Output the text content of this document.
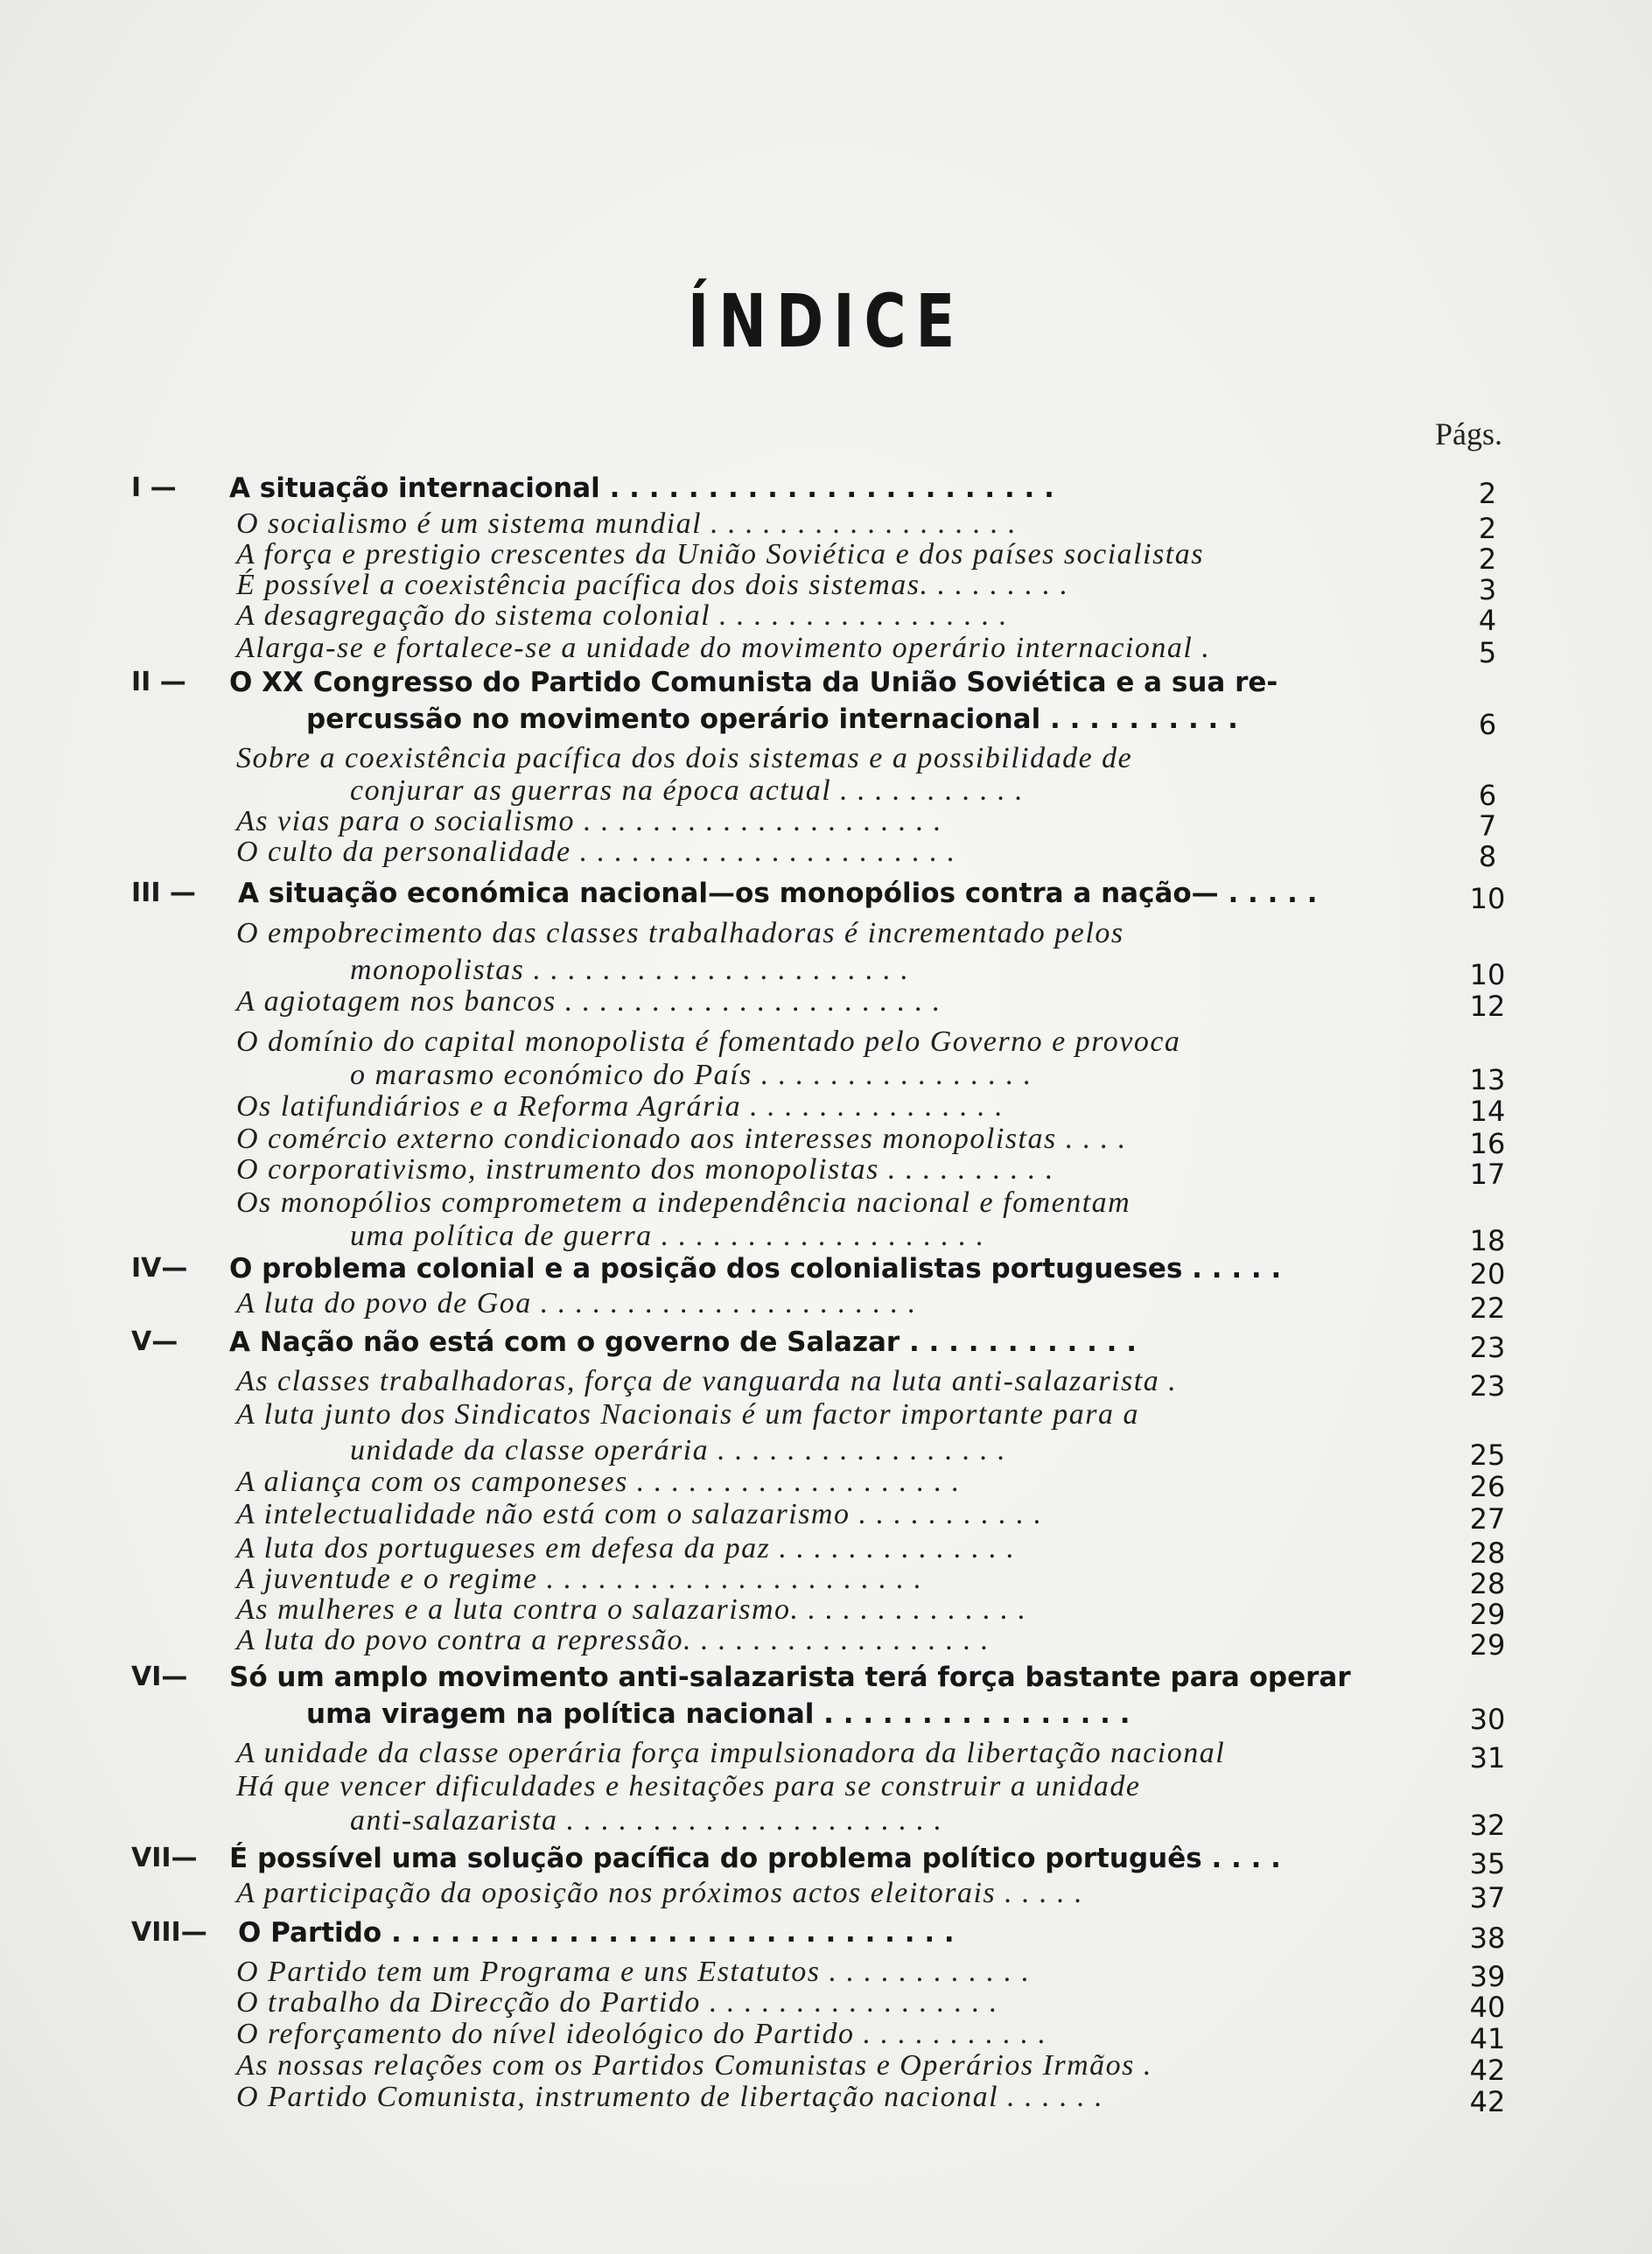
ÍNDICE
Págs.
I —	A situação internacional . . . . . . . . . . . . . . . . . . . . . . .	2
O socialismo é um sistema mundial . . . . . . . . . . . . . . . . . .	2
A força e prestigio crescentes da União Soviética e dos países socialistas	2
É possível a coexistência pacífica dos dois sistemas. . . . . . . . .	3
A desagregação do sistema colonial . . . . . . . . . . . . . . . . .	4
Alarga-se e fortalece-se a unidade do movimento operário internacional .	5
II —	O XX Congresso do Partido Comunista da União Soviética e a sua re-
percussão no movimento operário internacional . . . . . . . . . .	6
Sobre a coexistência pacífica dos dois sistemas e a possibilidade de
conjurar as guerras na época actual . . . . . . . . . . .	6
As vias para o socialismo . . . . . . . . . . . . . . . . . . . . .	7
O culto da personalidade . . . . . . . . . . . . . . . . . . . . . .	8
III —	A situação económica nacional—os monopólios contra a nação— . . . . .	10
O empobrecimento das classes trabalhadoras é incrementado pelos
monopolistas . . . . . . . . . . . . . . . . . . . . . .	10
A agiotagem nos bancos . . . . . . . . . . . . . . . . . . . . . .	12
O domínio do capital monopolista é fomentado pelo Governo e provoca
o marasmo económico do País . . . . . . . . . . . . . . . .	13
Os latifundiários e a Reforma Agrária . . . . . . . . . . . . . . .	14
O comércio externo condicionado aos interesses monopolistas . . . .	16
O corporativismo, instrumento dos monopolistas . . . . . . . . . .	17
Os monopólios comprometem a independência nacional e fomentam
uma política de guerra . . . . . . . . . . . . . . . . . . .	18
IV—	O problema colonial e a posição dos colonialistas portugueses . . . . .	20
A luta do povo de Goa . . . . . . . . . . . . . . . . . . . . . .	22
V—	A Nação não está com o governo de Salazar . . . . . . . . . . . .	23
As classes trabalhadoras, força de vanguarda na luta anti-salazarista .	23
A luta junto dos Sindicatos Nacionais é um factor importante para a
unidade da classe operária . . . . . . . . . . . . . . . . .	25
A aliança com os camponeses . . . . . . . . . . . . . . . . . . .	26
A intelectualidade não está com o salazarismo . . . . . . . . . . .	27
A luta dos portugueses em defesa da paz . . . . . . . . . . . . . .	28
A juventude e o regime . . . . . . . . . . . . . . . . . . . . . .	28
As mulheres e a luta contra o salazarismo. . . . . . . . . . . . . .	29
A luta do povo contra a repressão. . . . . . . . . . . . . . . . . .	29
VI—	Só um amplo movimento anti-salazarista terá força bastante para operar
uma viragem na política nacional . . . . . . . . . . . . . . . .	30
A unidade da classe operária força impulsionadora da libertação nacional	31
Há que vencer dificuldades e hesitações para se construir a unidade
anti-salazarista . . . . . . . . . . . . . . . . . . . . . .	32
VII—	É possível uma solução pacífica do problema político português . . . .	35
A participação da oposição nos próximos actos eleitorais . . . . .	37
VIII—	O Partido . . . . . . . . . . . . . . . . . . . . . . . . . . . . .	38
O Partido tem um Programa e uns Estatutos . . . . . . . . . . . .	39
O trabalho da Direcção do Partido . . . . . . . . . . . . . . . . .	40
O reforçamento do nível ideológico do Partido . . . . . . . . . . .	41
As nossas relações com os Partidos Comunistas e Operários Irmãos .	42
O Partido Comunista, instrumento de libertação nacional . . . . . .	42
